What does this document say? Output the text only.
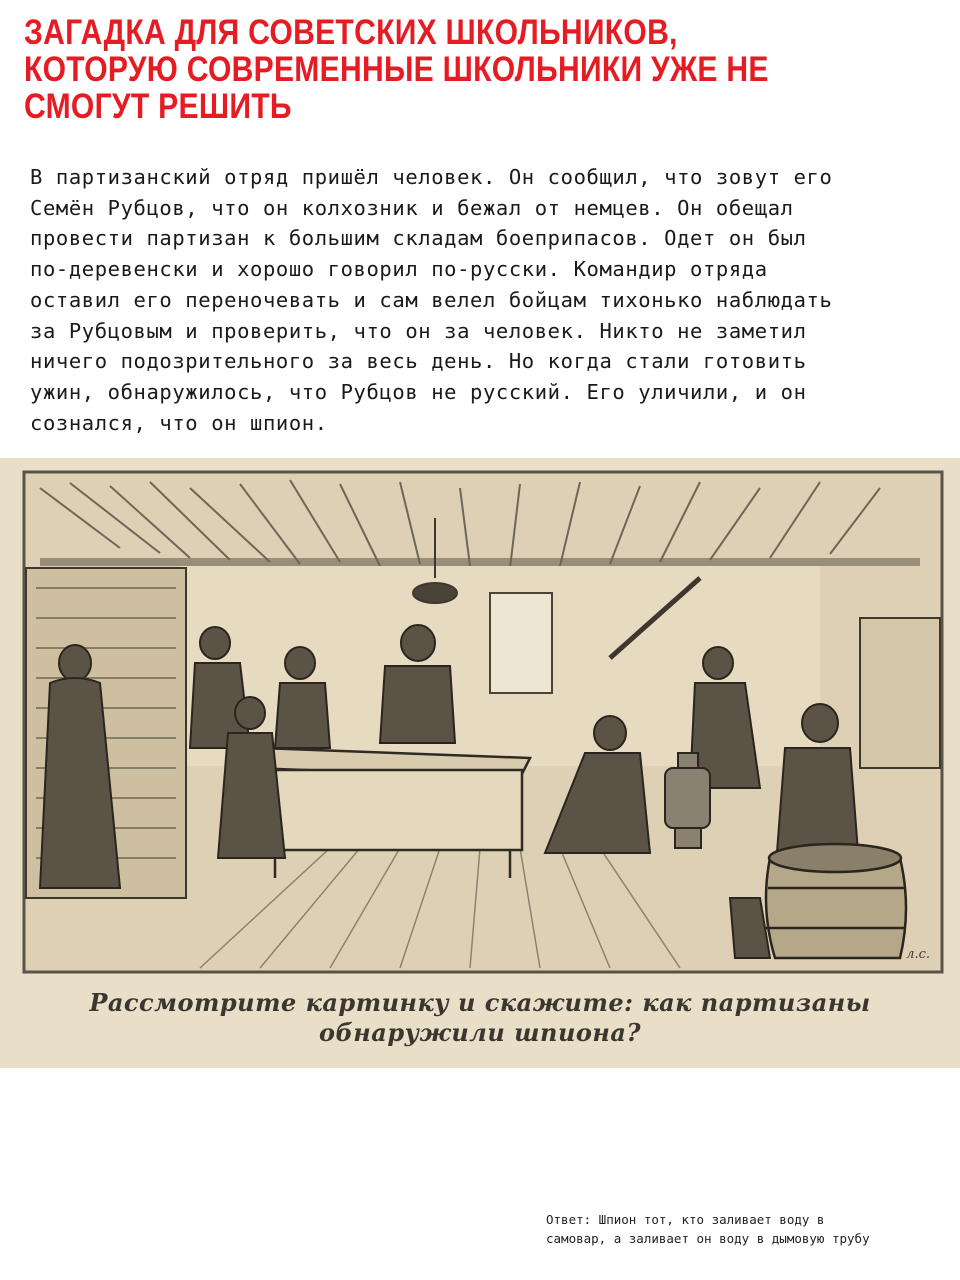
ЗАГАДКА ДЛЯ СОВЕТСКИХ ШКОЛЬНИКОВ, КОТОРУЮ СОВРЕМЕННЫЕ ШКОЛЬНИКИ УЖЕ НЕ СМОГУТ РЕШИТЬ
В партизанский отряд пришёл человек. Он сообщил, что зовут его
Семён Рубцов, что он колхозник и бежал от немцев. Он обещал
провести партизан к большим складам боеприпасов. Одет он был
по-деревенски и хорошо говорил по-русски. Командир отряда
оставил его переночевать и сам велел бойцам тихонько наблюдать
за Рубцовым и проверить, что он за человек. Никто не заметил
ничего подозрительного за весь день. Но когда стали готовить
ужин, обнаружилось, что Рубцов не русский. Его уличили, и он
сознался, что он шпион.
л.с.
Рассмотрите картинку и скажите: как партизаны
обнаружили шпиона?
Ответ: Шпион тот, кто заливает воду в
самовар, а заливает он воду в дымовую трубу
